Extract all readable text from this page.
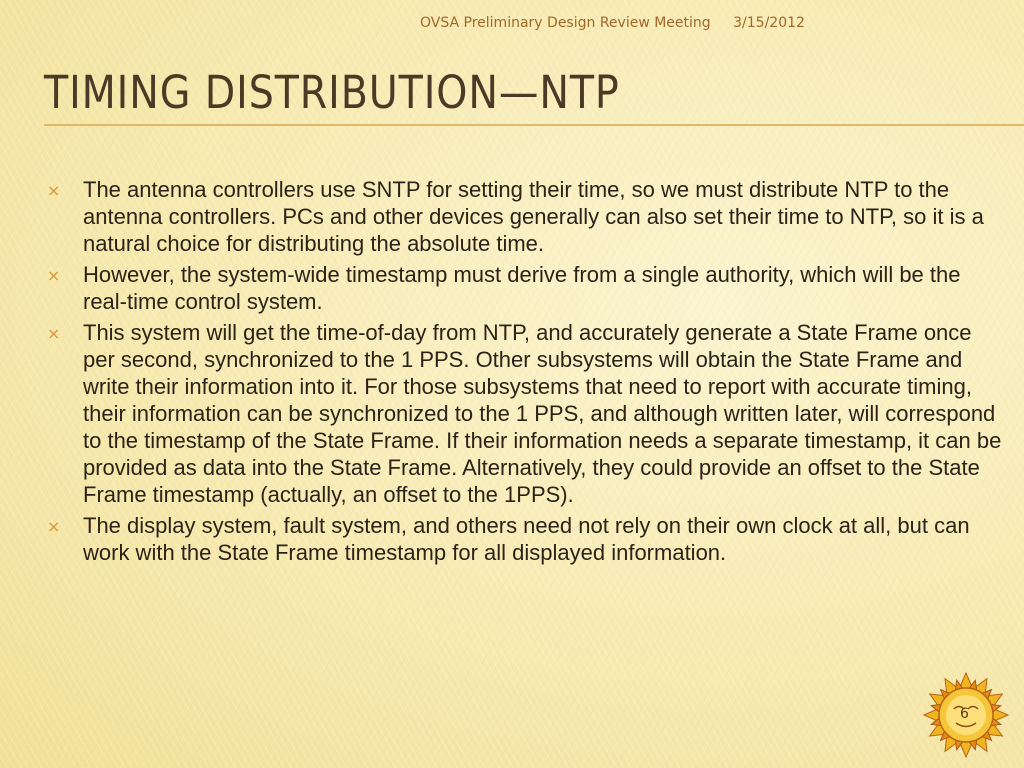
OVSA Preliminary Design Review Meeting 3/15/2012
TIMING DISTRIBUTION—NTP
× The antenna controllers use SNTP for setting their time, so we must distribute NTP to the antenna controllers. PCs and other devices generally can also set their time to NTP, so it is a natural choice for distributing the absolute time.
× However, the system-wide timestamp must derive from a single authority, which will be the real-time control system.
× This system will get the time-of-day from NTP, and accurately generate a State Frame once per second, synchronized to the 1 PPS. Other subsystems will obtain the State Frame and write their information into it. For those subsystems that need to report with accurate timing, their information can be synchronized to the 1 PPS, and although written later, will correspond to the timestamp of the State Frame. If their information needs a separate timestamp, it can be provided as data into the State Frame. Alternatively, they could provide an offset to the State Frame timestamp (actually, an offset to the 1PPS).
× The display system, fault system, and others need not rely on their own clock at all, but can work with the State Frame timestamp for all displayed information.
6
